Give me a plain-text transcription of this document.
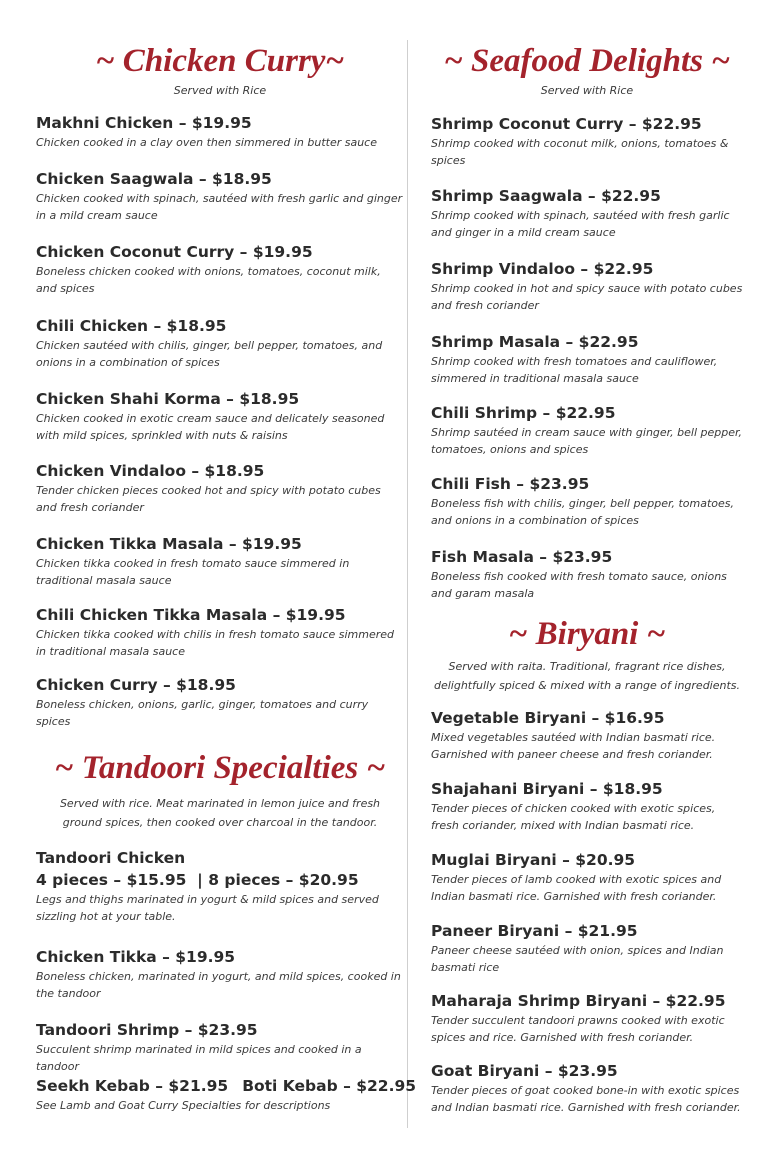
~ Chicken Curry~

Served with Rice

Makhni Chicken – $19.95

Chicken cooked in a clay oven then simmered in butter sauce

Chicken Saagwala – $18.95

Chicken cooked with spinach, sautéed with fresh garlic and ginger in a mild cream sauce

Chicken Coconut Curry – $19.95

Boneless chicken cooked with onions, tomatoes, coconut milk, and spices

Chili Chicken – $18.95

Chicken sautéed with chilis, ginger, bell pepper, tomatoes, and onions in a combination of spices

Chicken Shahi Korma – $18.95

Chicken cooked in exotic cream sauce and delicately seasoned with mild spices, sprinkled with nuts & raisins

Chicken Vindaloo – $18.95

Tender chicken pieces cooked hot and spicy with potato cubes and fresh coriander

Chicken Tikka Masala – $19.95

Chicken tikka cooked in fresh tomato sauce simmered in traditional masala sauce

Chili Chicken Tikka Masala – $19.95

Chicken tikka cooked with chilis in fresh tomato sauce simmered in traditional masala sauce

Chicken Curry – $18.95

Boneless chicken, onions, garlic, ginger, tomatoes and curry spices

~ Tandoori Specialties ~

Served with rice. Meat marinated in lemon juice and fresh ground spices, then cooked over charcoal in the tandoor.

Tandoori Chicken

4 pieces – $15.95  | 8 pieces – $20.95

Legs and thighs marinated in yogurt & mild spices and served sizzling hot at your table.

Chicken Tikka – $19.95

Boneless chicken, marinated in yogurt, and mild spices, cooked in the tandoor

Tandoori Shrimp – $23.95

Succulent shrimp marinated in mild spices and cooked in a tandoor

Seekh Kebab – $21.95 Boti Kebab – $22.95

See Lamb and Goat Curry Specialties for descriptions

~ Seafood Delights ~

Served with Rice

Shrimp Coconut Curry – $22.95

Shrimp cooked with coconut milk, onions, tomatoes & spices

Shrimp Saagwala – $22.95

Shrimp cooked with spinach, sautéed with fresh garlic and ginger in a mild cream sauce

Shrimp Vindaloo – $22.95

Shrimp cooked in hot and spicy sauce with potato cubes and fresh coriander

Shrimp Masala – $22.95

Shrimp cooked with fresh tomatoes and cauliflower, simmered in traditional masala sauce

Chili Shrimp – $22.95

Shrimp sautéed in cream sauce with ginger, bell pepper, tomatoes, onions and spices

Chili Fish – $23.95

Boneless fish with chilis, ginger, bell pepper, tomatoes, and onions in a combination of spices

Fish Masala – $23.95

Boneless fish cooked with fresh tomato sauce, onions and garam masala

~ Biryani ~

Served with raita. Traditional, fragrant rice dishes, delightfully spiced & mixed with a range of ingredients.

Vegetable Biryani – $16.95

Mixed vegetables sautéed with Indian basmati rice. Garnished with paneer cheese and fresh coriander.

Shajahani Biryani – $18.95

Tender pieces of chicken cooked with exotic spices, fresh coriander, mixed with Indian basmati rice.

Muglai Biryani – $20.95

Tender pieces of lamb cooked with exotic spices and Indian basmati rice. Garnished with fresh coriander.

Paneer Biryani – $21.95

Paneer cheese sautéed with onion, spices and Indian basmati rice

Maharaja Shrimp Biryani – $22.95

Tender succulent tandoori prawns cooked with exotic spices and rice. Garnished with fresh coriander.

Goat Biryani – $23.95

Tender pieces of goat cooked bone-in with exotic spices and Indian basmati rice. Garnished with fresh coriander.
